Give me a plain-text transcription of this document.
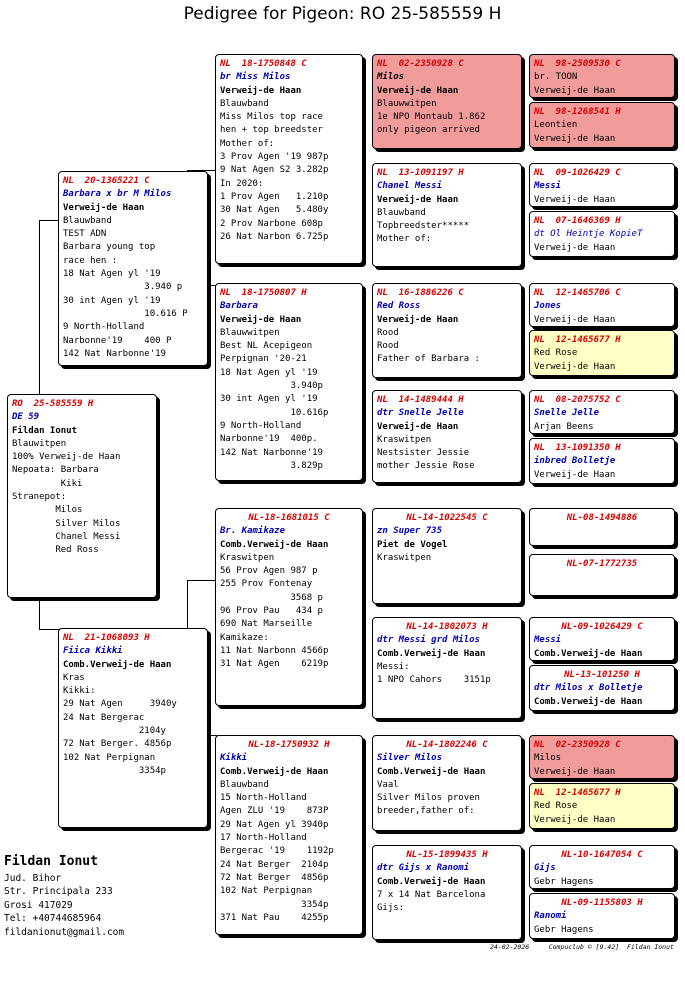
Pedigree for Pigeon: RO 25-585559 H
RO  25-585559 H
DE 59
Fildan Ionut
Blauwitpen
100% Verweij-de Haan
Nepoata: Barbara
Kiki
Stranepot:
Milos
Silver Milos
Chanel Messi
Red Ross
NL  20-1365221 C
Barbara x br M Milos
Verweij-de Haan
Blauwband
TEST ADN
Barbara young top
race hen :
18 Nat Agen yl '19
3.940 p
30 int Agen yl '19
10.616 P
9 North-Holland
Narbonne'19    400 P
142 Nat Narbonne'19
NL  21-1068093 H
Fiica Kikki
Comb.Verweij-de Haan
Kras
Kikki:
29 Nat Agen     3940y
24 Nat Bergerac
2104y
72 Nat Berger. 4856p
102 Nat Perpignan
3354p
NL  18-1750848 C
br Miss Milos
Verweij-de Haan
Blauwband
Miss Milos top race
hen + top breedster
Mother of:
3 Prov Agen '19 987p
9 Nat Agen S2 3.282p
In 2020:
1 Prov Agen   1.210p
30 Nat Agen   5.480y
2 Prov Narbone 608p
26 Nat Narbon 6.725p
NL  18-1750807 H
Barbara
Verweij-de Haan
Blauwwitpen
Best NL Acepigeon
Perpignan '20-21
18 Nat Agen yl '19
3.940p
30 int Agen yl '19
10.616p
9 North-Holland
Narbonne'19  400p.
142 Nat Narbonne'19
3.829p
NL-18-1681015 C
Br. Kamikaze
Comb.Verweij-de Haan
Kraswitpen
56 Prov Agen 987 p
255 Prov Fontenay
3568 p
96 Prov Pau   434 p
690 Nat Marseille
Kamikaze:
11 Nat Narbonn 4566p
31 Nat Agen    6219p
NL-18-1750932 H
Kikki
Comb.Verweij-de Haan
Blauwband
15 North-Holland
Agen ZLU '19    873P
29 Nat Agen yl 3940p
17 North-Holland
Bergerac '19    1192p
24 Nat Berger  2104p
72 Nat Berger  4856p
102 Nat Perpignan
3354p
371 Nat Pau    4255p
NL  02-2350928 C
Milos
Verweij-de Haan
Blauwwitpen
1e NPO Montaub 1.862
only pigeon arrived
NL  13-1091197 H
Chanel Messi
Verweij-de Haan
Blauwband
Topbreedster*****
Mother of:
NL  16-1886226 C
Red Ross
Verweij-de Haan
Rood
Rood
Father of Barbara :
NL  14-1489444 H
dtr Snelle Jelle
Verweij-de Haan
Kraswitpen
Nestsister Jessie
mother Jessie Rose
NL-14-1022545 C
zn Super 735
Piet de Vogel
Kraswitpen
NL-14-1802073 H
dtr Messi grd Milos
Comb.Verweij-de Haan
Messi:
1 NPO Cahors    3151p
NL-14-1802246 C
Silver Milos
Comb.Verweij-de Haan
Vaal
Silver Milos proven
breeder,father of:
NL-15-1899435 H
dtr Gijs x Ranomi
Comb.Verweij-de Haan
7 x 14 Nat Barcelona
Gijs:
NL  98-2509530 C
br. TOON
Verweij-de Haan
NL  98-1268541 H
Leontien
Verweij-de Haan
NL  09-1026429 C
Messi
Verweij-de Haan
NL  07-1646369 H
dt Ol Heintje KopieT
Verweij-de Haan
NL  12-1465706 C
Jones
Verweij-de Haan
NL  12-1465677 H
Red Rose
Verweij-de Haan
NL  08-2075752 C
Snelle Jelle
Arjan Beens
NL  13-1091350 H
inbred Bolletje
Verweij-de Haan
NL-08-1494886
NL-07-1772735
NL-09-1026429 C
Messi
Comb.Verweij-de Haan
NL-13-101250 H
dtr Milos x Bolletje
Comb.Verweij-de Haan
NL  02-2350928 C
Milos
Verweij-de Haan
NL  12-1465677 H
Red Rose
Verweij-de Haan
NL-10-1647054 C
Gijs
Gebr Hagens
NL-09-1155803 H
Ranomi
Gebr Hagens
Fildan Ionut
Jud. Bihor
Str. Principala 233
Grosi 417029
Tel: +40744685964
fildanionut@gmail.com
24-02-2026     Compuclub © [9.42]  Fildan Ionut
